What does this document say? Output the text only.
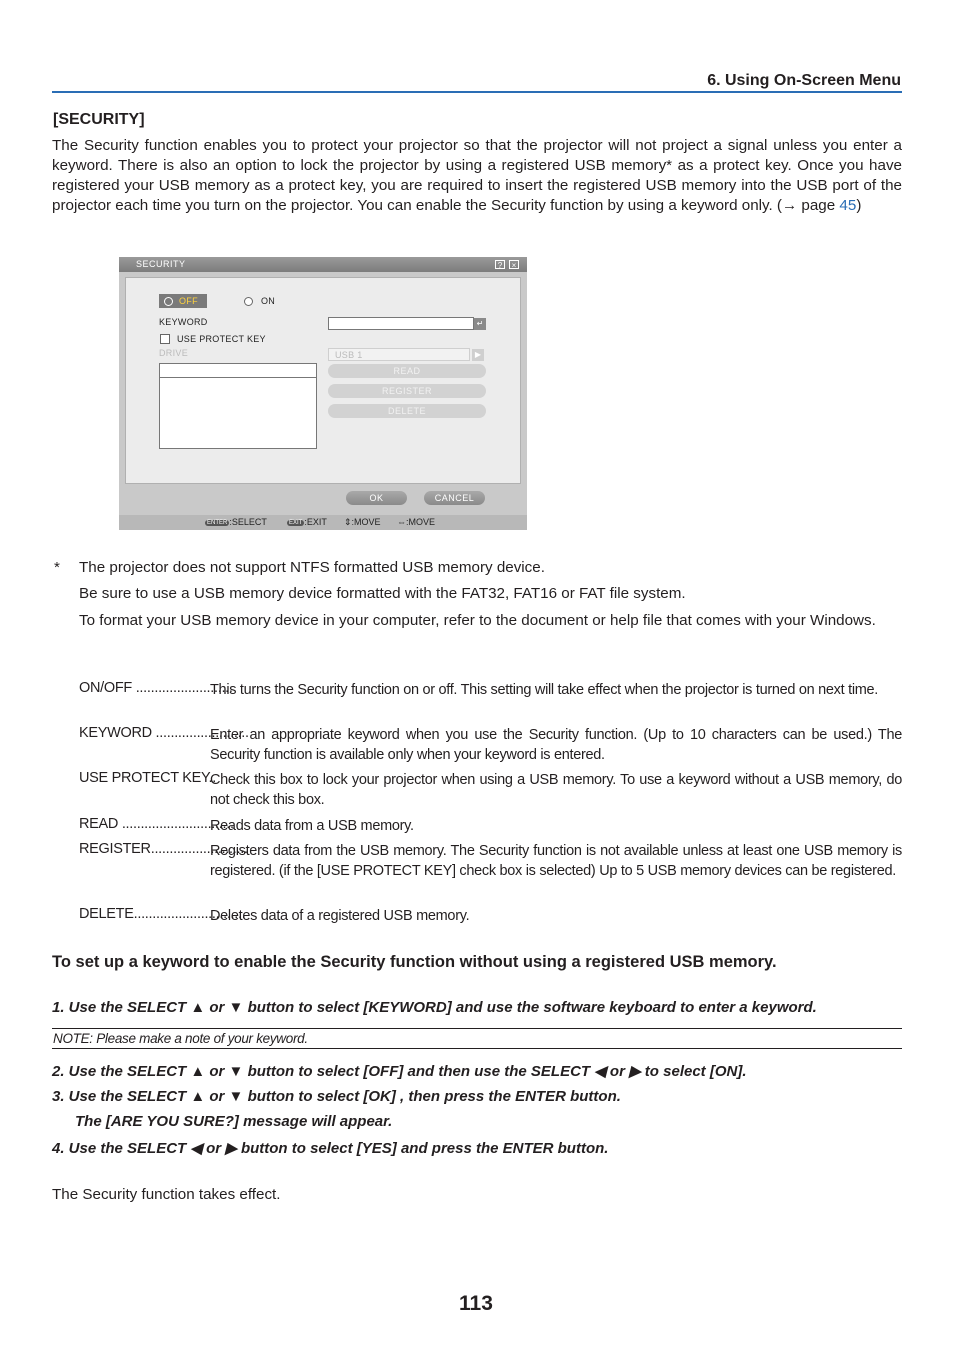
6. Using On-Screen Menu
[SECURITY]
The Security function enables you to protect your projector so that the projector will not project a signal unless you enter a keyword. There is also an option to lock the projector by using a registered USB memory* as a protect key. Once you have registered your USB memory as a protect key, you are required to insert the registered USB memory into the USB port of the projector each time you turn on the projector. You can enable the Security function by using a keyword only. (→ page 45)
SECURITY	?	×
OFF	ON
KEYWORD	↵
USE PROTECT KEY
DRIVE	USB 1	▶
READ
REGISTER
DELETE
OK	CANCEL
ENTER :SELECT	EXIT :EXIT ⇕:MOVE ⇔:MOVE
* The projector does not support NTFS formatted USB memory device.
Be sure to use a USB memory device formatted with the FAT32, FAT16 or FAT file system.
To format your USB memory device in your computer, refer to the document or help file that comes with your Windows.
ON/OFF ..........................
This turns the Security function on or off. This setting will take effect when the projector is turned on next time.
KEYWORD .........................
Enter an appropriate keyword when you use the Security function. (Up to 10 characters can be used.) The Security function is available only when your keyword is entered.
USE PROTECT KEY..
Check this box to lock your projector when using a USB memory. To use a keyword without a USB memory, do not check this box.
READ ..............................
Reads data from a USB memory.
REGISTER..........................
Registers data from the USB memory. The Security function is not available unless at least one USB memory is registered. (if the [USE PROTECT KEY] check box is selected) Up to 5 USB memory devices can be registered.
DELETE..............................
Deletes data of a registered USB memory.
To set up a keyword to enable the Security function without using a registered USB memory.
1. Use the SELECT ▲ or ▼ button to select [KEYWORD] and use the software keyboard to enter a keyword.
NOTE: Please make a note of your keyword.
2. Use the SELECT ▲ or ▼ button to select [OFF] and then use the SELECT ◀ or ▶ to select [ON].
3. Use the SELECT ▲ or ▼ button to select [OK] , then press the ENTER button.
The [ARE YOU SURE?] message will appear.
4. Use the SELECT ◀ or ▶ button to select [YES] and press the ENTER button.
The Security function takes effect.
113
